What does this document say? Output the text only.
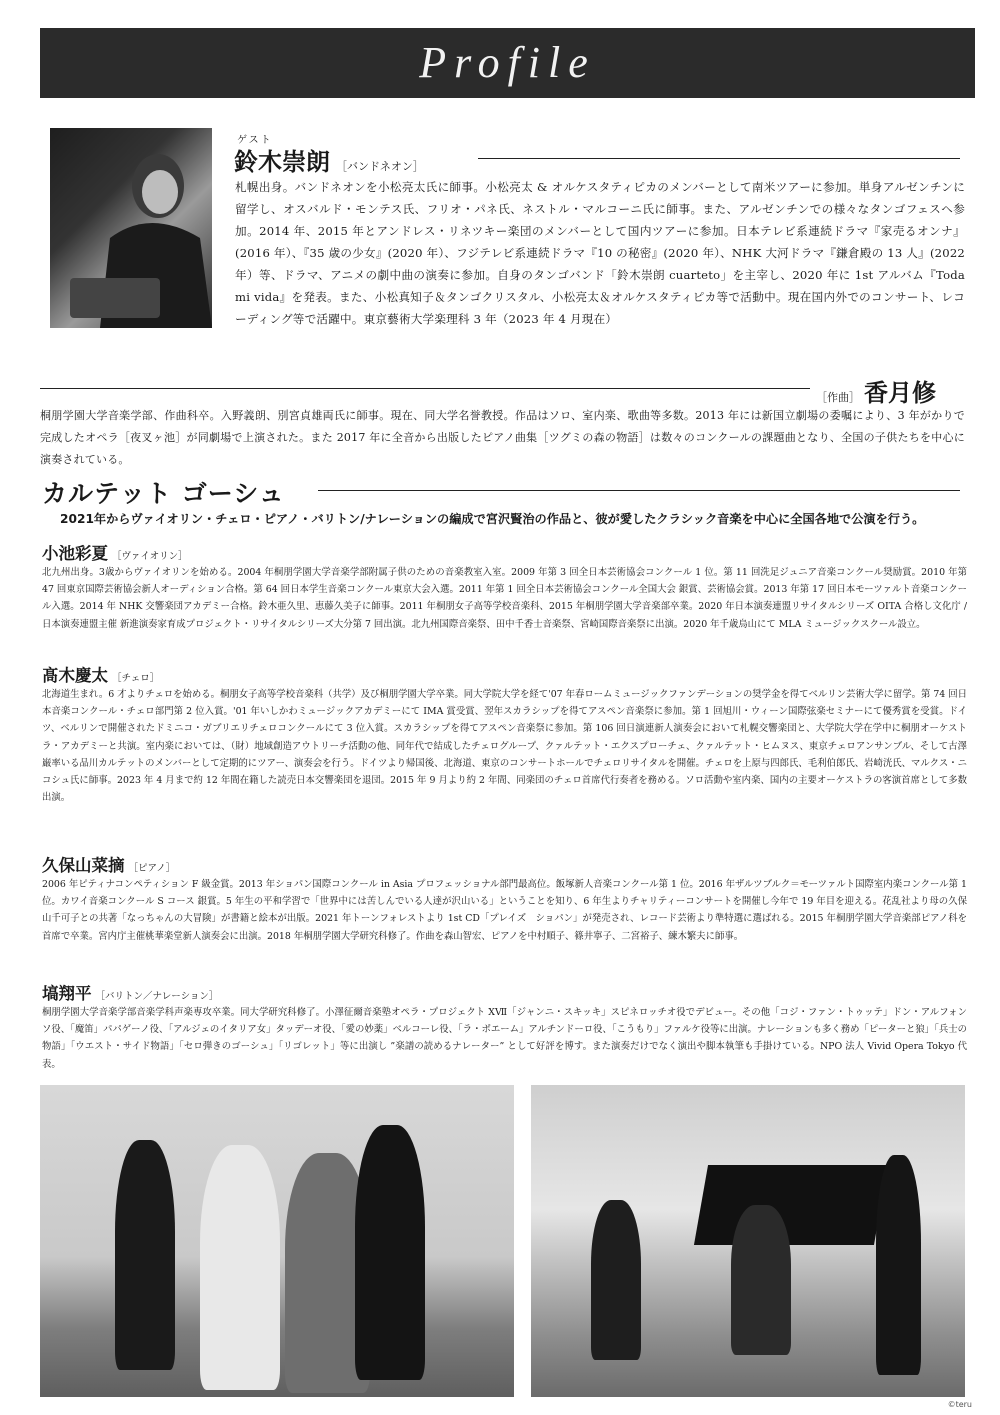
Profile
ゲスト
鈴木崇朗 ［バンドネオン］

札幌出身。バンドネオンを小松亮太氏に師事。小松亮太 & オルケスタティピカのメンバーとして南米ツアーに参加。単身アルゼンチンに留学し、オスバルド・モンテス氏、フリオ・パネ氏、ネストル・マルコーニ氏に師事。また、アルゼンチンでの様々なタンゴフェスへ参加。2014 年、2015 年とアンドレス・リネツキー楽団のメンバーとして国内ツアーに参加。日本テレビ系連続ドラマ『家売るオンナ』(2016 年）、『35 歳の少女』(2020 年）、フジテレビ系連続ドラマ『10 の秘密』(2020 年）、NHK 大河ドラマ『鎌倉殿の 13 人』(2022 年）等、ドラマ、アニメの劇中曲の演奏に参加。自身のタンゴバンド「鈴木崇朗 cuarteto」を主宰し、2020 年に 1st アルバム『Toda mi vida』を発表。また、小松真知子＆タンゴクリスタル、小松亮太＆オルケスタティピカ等で活動中。現在国内外でのコンサート、レコーディング等で活躍中。東京藝術大学楽理科 3 年（2023 年 4 月現在）

［作曲］ 香月修

桐朋学園大学音楽学部、作曲科卒。入野義朗、別宮貞雄両氏に師事。現在、同大学名誉教授。作品はソロ、室内楽、歌曲等多数。2013 年には新国立劇場の委嘱により、3 年がかりで完成したオペラ［夜叉ヶ池］が同劇場で上演された。また 2017 年に全音から出版したピアノ曲集［ツグミの森の物語］は数々のコンクールの課題曲となり、全国の子供たちを中心に演奏されている。

カルテット ゴーシュ
2021年からヴァイオリン・チェロ・ピアノ・バリトン/ナレーションの編成で宮沢賢治の作品と、彼が愛したクラシック音楽を中心に全国各地で公演を行う。
小池彩夏 ［ヴァイオリン］

北九州出身。3歳からヴァイオリンを始める。2004 年桐朋学園大学音楽学部附属子供のための音楽教室入室。2009 年第 3 回全日本芸術協会コンクール 1 位。第 11 回洗足ジュニア音楽コンクール奨励賞。2010 年第 47 回東京国際芸術協会新人オーディション合格。第 64 回日本学生音楽コンクール東京大会入選。2011 年第 1 回全日本芸術協会コンクール全国大会 銀賞、芸術協会賞。2013 年第 17 回日本モーツァルト音楽コンクール入選。2014 年 NHK 交響楽団アカデミー合格。鈴木亜久里、恵藤久美子に師事。2011 年桐朋女子高等学校音楽科、2015 年桐朋学園大学音楽部卒業。2020 年日本演奏連盟リサイタルシリーズ OITA 合格し文化庁 / 日本演奏連盟主催 新進演奏家育成プロジェクト・リサイタルシリーズ大分第 7 回出演。北九州国際音楽祭、田中千香士音楽祭、宮崎国際音楽祭に出演。2020 年千歳烏山にて MLA ミュージックスクール設立。

髙木慶太 ［チェロ］

北海道生まれ。6 才よりチェロを始める。桐朋女子高等学校音楽科（共学）及び桐朋学園大学卒業。同大学院大学を経て'07 年春ロームミュージックファンデーションの奨学金を得てベルリン芸術大学に留学。第 74 回日本音楽コンクール・チェロ部門第 2 位入賞。'01 年いしかわミュージックアカデミーにて IMA 賞受賞、翌年スカラシップを得てアスペン音楽祭に参加。第 1 回旭川・ウィーン国際弦楽セミナーにて優秀賞を受賞。ドイツ、ベルリンで開催されたドミニコ・ガブリエリチェロコンクールにて 3 位入賞。スカラシップを得てアスペン音楽祭に参加。第 106 回日演連新人演奏会において札幌交響楽団と、大学院大学在学中に桐朋オーケストラ・アカデミーと共演。室内楽においては、（財）地域創造アウトリーチ活動の他、同年代で結成したチェログループ、クァルテット・エクスプローチェ、クァルテット・ヒムヌス、東京チェロアンサンブル、そして古澤巌率いる品川カルテットのメンバーとして定期的にツアー、演奏会を行う。ドイツより帰国後、北海道、東京のコンサートホールでチェロリサイタルを開催。チェロを上原与四郎氏、毛利伯郎氏、岩崎洸氏、マルクス・ニコシュ氏に師事。2023 年 4 月まで約 12 年間在籍した読売日本交響楽団を退団。2015 年 9 月より約 2 年間、同楽団のチェロ首席代行奏者を務める。ソロ活動や室内楽、国内の主要オーケストラの客演首席として多数出演。

久保山菜摘 ［ピアノ］

2006 年ピティナコンペティション F 級金賞。2013 年ショパン国際コンクール in Asia プロフェッショナル部門最高位。飯塚新人音楽コンクール第 1 位。2016 年ザルツブルク＝モーツァルト国際室内楽コンクール第 1 位。カワイ音楽コンクール S コース 銀賞。5 年生の平和学習で「世界中には苦しんでいる人達が沢山いる」ということを知り、6 年生よりチャリティーコンサートを開催し今年で 19 年目を迎える。花乱社より母の久保山千可子との共著「なっちゃんの大冒険」が書籍と絵本が出版。2021 年トーンフォレストより 1st CD「プレイズ　ショパン」が発売され、レコード芸術より準特選に選ばれる。2015 年桐朋学園大学音楽部ピアノ科を首席で卒業。宮内庁主催桃華楽堂新人演奏会に出演。2018 年桐朋学園大学研究科修了。作曲を森山智宏、ピアノを中村順子、篠井寧子、二宮裕子、練木繁夫に師事。

塙翔平 ［バリトン／ナレーション］

桐朋学園大学音楽学部音楽学科声楽専攻卒業。同大学研究科修了。小澤征爾音楽塾オペラ・プロジェクト XⅦ「ジャンニ・スキッキ」スピネロッチオ役でデビュー。その他「コジ・ファン・トゥッテ」ドン・アルフォンソ役、「魔笛」パパゲーノ役、「アルジェのイタリア女」タッデーオ役、「愛の妙薬」ベルコーレ役、「ラ・ボエーム」アルチンドーロ役、「こうもり」ファルケ役等に出演。ナレーションも多く務め「ピーターと狼」「兵士の物語」「ウエスト・サイド物語」「セロ弾きのゴーシュ」「リゴレット」等に出演し ”楽譜の読めるナレーター” として好評を博す。また演奏だけでなく演出や脚本執筆も手掛けている。NPO 法人 Vivid Opera Tokyo 代表。

©teru
